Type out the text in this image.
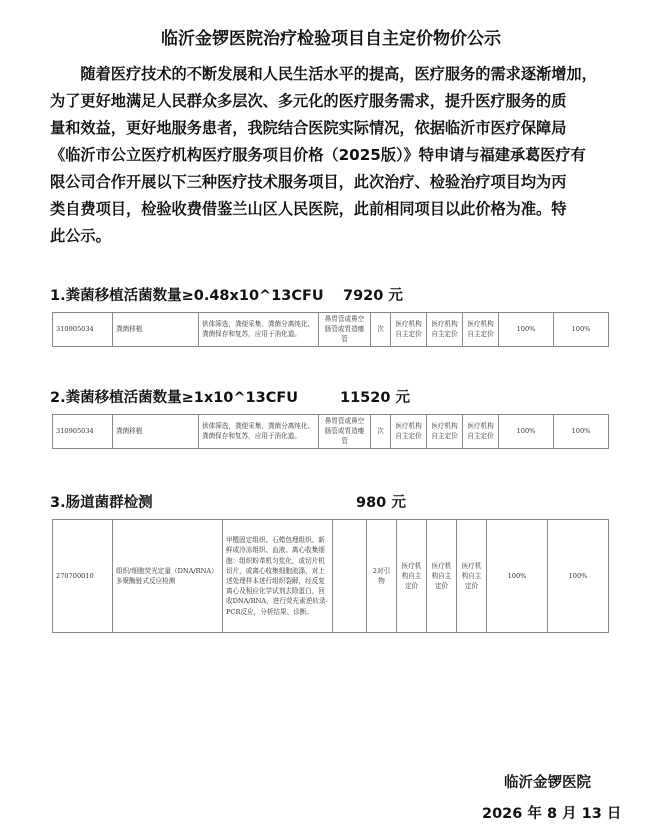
临沂金锣医院治疗检验项目自主定价物价公示
　　随着医疗技术的不断发展和人民生活水平的提高，医疗服务的需求逐渐增加，
为了更好地满足人民群众多层次、多元化的医疗服务需求，提升医疗服务的质
量和效益，更好地服务患者，我院结合医院实际情况，依据临沂市医疗保障局
《临沂市公立医疗机构医疗服务项目价格（2025版）》特申请与福建承葛医疗有
限公司合作开展以下三种医疗技术服务项目，此次治疗、检验治疗项目均为丙
类自费项目，检验收费借鉴兰山区人民医院，此前相同项目以此价格为准。特
此公示。
1.粪菌移植活菌数量≥0.48x10^13CFU 7920 元
310905034	粪菌移植	供体筛选，粪便采集、粪菌分离纯化、粪菌保存和复苏，应用于消化道。	鼻胃管或鼻空肠管或胃造瘘管	次	医疗机构自主定价	医疗机构自主定价	医疗机构自主定价	100%	100%
2.粪菌移植活菌数量≥1x10^13CFU	11520 元
310905034	粪菌移植	供体筛选，粪便采集、粪菌分离纯化、粪菌保存和复苏，应用于消化道。	鼻胃管或鼻空肠管或胃造瘘管	次	医疗机构自主定价	医疗机构自主定价	医疗机构自主定价	100%	100%
3.肠道菌群检测	980 元
270700010	组织/细胞荧光定量（DNA/RNA）多聚酶链式反应检测	甲醛固定组织、石蜡包埋组织、新鲜或冷冻组织、血液、离心收集细胞：组织粉革机匀浆化，或切片机切片，或离心收集细胞流涤，对上述处理样本进行组织裂解，经反复离心及相应化学试剂去除蛋白，回收DNA/RNA，进行荧光素逆转录-PCR反应，分析结果、诊断。		2对引物	医疗机构自主定价	医疗机构自主定价	医疗机构自主定价	100%	100%
临沂金锣医院
2026 年 8 月 13 日
